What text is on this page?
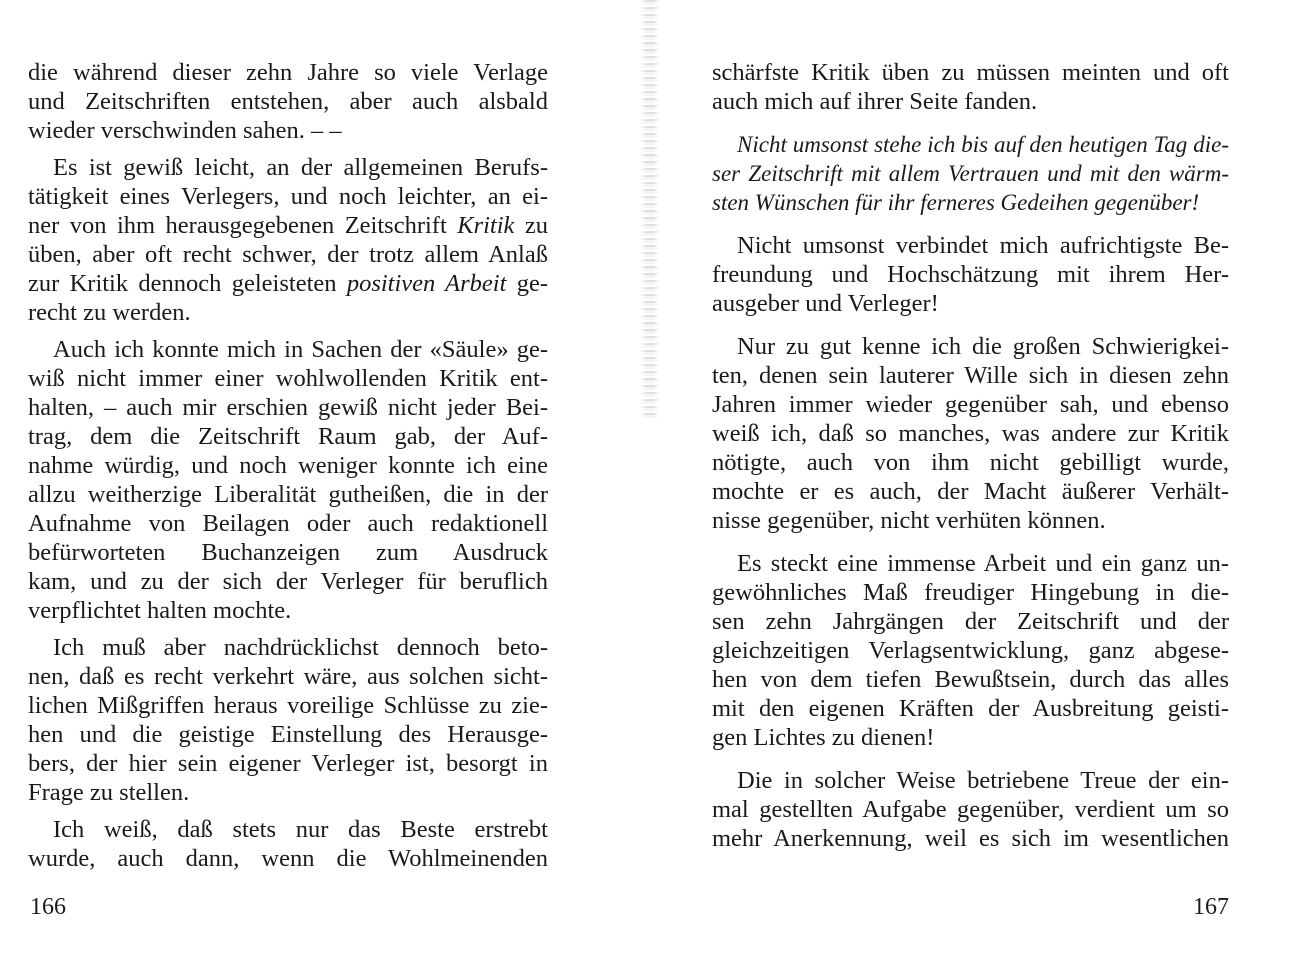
die während dieser zehn Jahre so viele Verlage
und Zeitschriften entstehen, aber auch alsbald
wieder verschwinden sahen. – –
Es ist gewiß leicht, an der allgemeinen Berufs-
tätigkeit eines Verlegers, und noch leichter, an ei-
ner von ihm herausgegebenen Zeitschrift Kritik zu
üben, aber oft recht schwer, der trotz allem Anlaß
zur Kritik dennoch geleisteten positiven Arbeit ge-
recht zu werden.
Auch ich konnte mich in Sachen der «Säule» ge-
wiß nicht immer einer wohlwollenden Kritik ent-
halten, – auch mir erschien gewiß nicht jeder Bei-
trag, dem die Zeitschrift Raum gab, der Auf-
nahme würdig, und noch weniger konnte ich eine
allzu weitherzige Liberalität gutheißen, die in der
Aufnahme von Beilagen oder auch redaktionell
befürworteten Buchanzeigen zum Ausdruck
kam, und zu der sich der Verleger für beruflich
verpflichtet halten mochte.
Ich muß aber nachdrücklichst dennoch beto-
nen, daß es recht verkehrt wäre, aus solchen sicht-
lichen Mißgriffen heraus voreilige Schlüsse zu zie-
hen und die geistige Einstellung des Herausge-
bers, der hier sein eigener Verleger ist, besorgt in
Frage zu stellen.
Ich weiß, daß stets nur das Beste erstrebt
wurde, auch dann, wenn die Wohlmeinenden
166
schärfste Kritik üben zu müssen meinten und oft
auch mich auf ihrer Seite fanden.
Nicht umsonst stehe ich bis auf den heutigen Tag die-
ser Zeitschrift mit allem Vertrauen und mit den wärm-
sten Wünschen für ihr ferneres Gedeihen gegenüber!
Nicht umsonst verbindet mich aufrichtigste Be-
freundung und Hochschätzung mit ihrem Her-
ausgeber und Verleger!
Nur zu gut kenne ich die großen Schwierigkei-
ten, denen sein lauterer Wille sich in diesen zehn
Jahren immer wieder gegenüber sah, und ebenso
weiß ich, daß so manches, was andere zur Kritik
nötigte, auch von ihm nicht gebilligt wurde,
mochte er es auch, der Macht äußerer Verhält-
nisse gegenüber, nicht verhüten können.
Es steckt eine immense Arbeit und ein ganz un-
gewöhnliches Maß freudiger Hingebung in die-
sen zehn Jahrgängen der Zeitschrift und der
gleichzeitigen Verlagsentwicklung, ganz abgese-
hen von dem tiefen Bewußtsein, durch das alles
mit den eigenen Kräften der Ausbreitung geisti-
gen Lichtes zu dienen!
Die in solcher Weise betriebene Treue der ein-
mal gestellten Aufgabe gegenüber, verdient um so
mehr Anerkennung, weil es sich im wesentlichen
167
